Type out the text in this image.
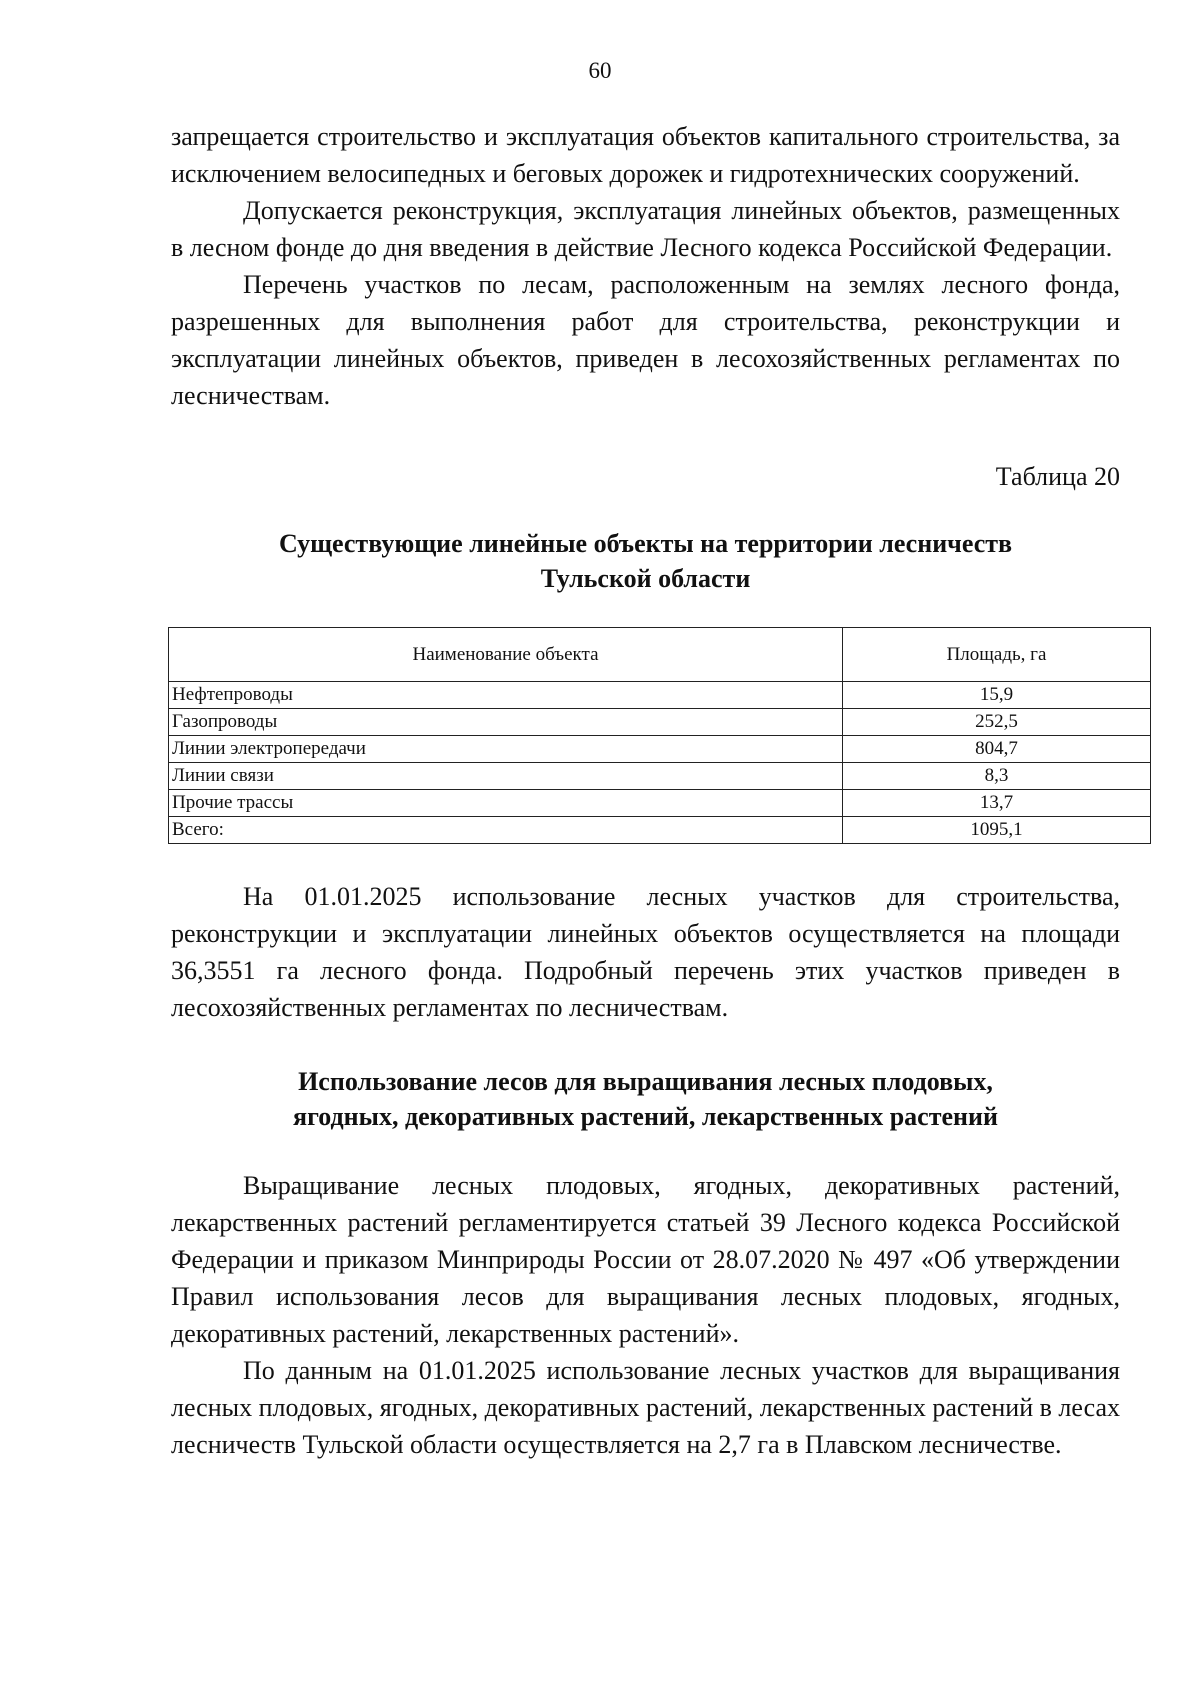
60

запрещается строительство и эксплуатация объектов капитального строительства, за исключением велосипедных и беговых дорожек и гидротехнических сооружений.

Допускается реконструкция, эксплуатация линейных объектов, размещенных в лесном фонде до дня введения в действие Лесного кодекса Российской Федерации.

Перечень участков по лесам, расположенным на землях лесного фонда, разрешенных для выполнения работ для строительства, реконструкции и эксплуатации линейных объектов, приведен в лесохозяйственных регламентах по лесничествам.

Таблица 20
Существующие линейные объекты на территории лесничеств
Тульской области
Наименование объекта	Площадь, га
Нефтепроводы	15,9
Газопроводы	252,5
Линии электропередачи	804,7
Линии связи	8,3
Прочие трассы	13,7
Всего:	1095,1

На 01.01.2025 использование лесных участков для строительства, реконструкции и эксплуатации линейных объектов осуществляется на площади 36,3551 га лесного фонда. Подробный перечень этих участков приведен в лесохозяйственных регламентах по лесничествам.

Использование лесов для выращивания лесных плодовых,
ягодных, декоративных растений, лекарственных растений

Выращивание лесных плодовых, ягодных, декоративных растений, лекарственных растений регламентируется статьей 39 Лесного кодекса Российской Федерации и приказом Минприроды России от 28.07.2020 № 497 «Об утверждении Правил использования лесов для выращивания лесных плодовых, ягодных, декоративных растений, лекарственных растений».

По данным на 01.01.2025 использование лесных участков для выращивания лесных плодовых, ягодных, декоративных растений, лекарственных растений в лесах лесничеств Тульской области осуществляется на 2,7 га в Плавском лесничестве.
